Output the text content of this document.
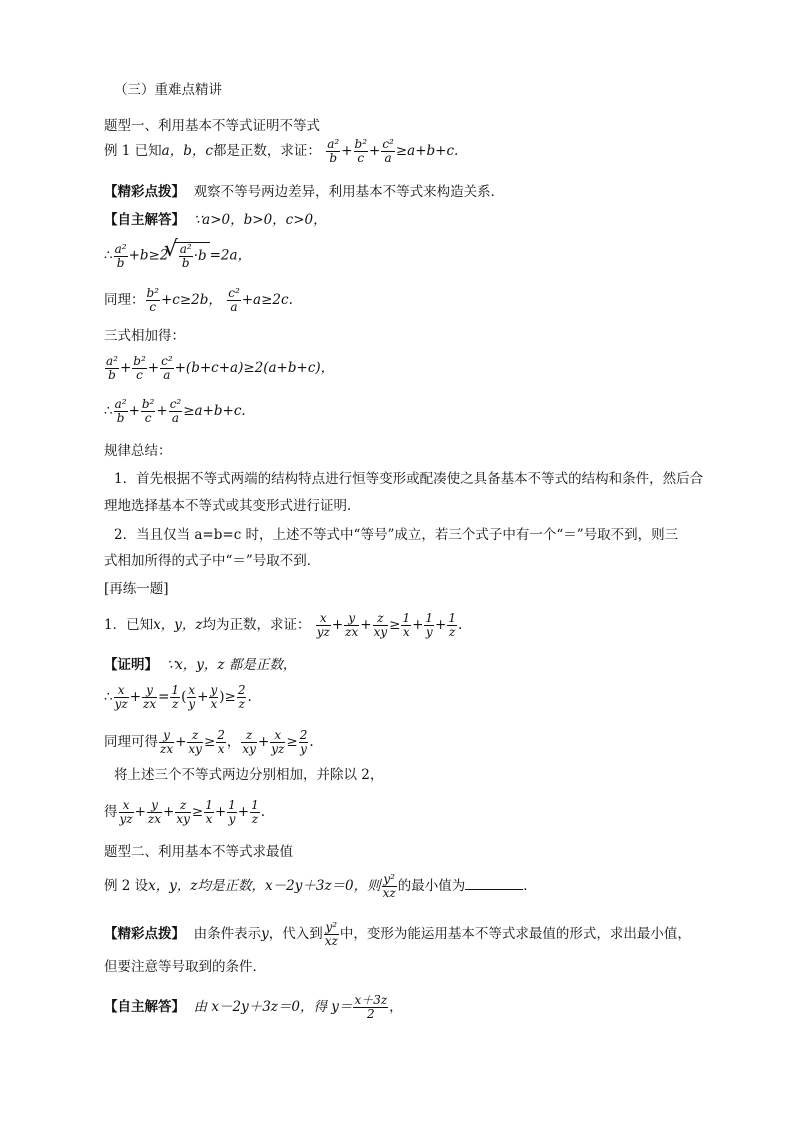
（三）重难点精讲
题型一、利用基本不等式证明不等式
例 1 已知a，b，c都是正数，求证： $\frac{\text{a²}}{b} + \frac{\text{b²}}{c} + \frac{\text{c²}}{a} \ge a+b+c$.
【精彩点拨】 观察不等号两边差异，利用基本不等式来构造关系．
【自主解答】 ∵a>0，b>0，c>0，
∴ $\frac{\text{a²}}{b} +b\ge 2$
√ $\frac{\text{a²}}{b} \cdot b =2a$，
同理： $\frac{\text{b²}}{c} +c\ge 2b$， $\frac{\text{c²}}{a} +a\ge 2c$.
三式相加得：
$\frac{\text{a²}}{b} + \frac{\text{b²}}{c} + \frac{\text{c²}}{a} +(b+c+a)\ge 2(a+b+c)$，
∴ $\frac{\text{a²}}{b} + \frac{\text{b²}}{c} + \frac{\text{c²}}{a} \ge a+b+c$.
规律总结：
1．首先根据不等式两端的结构特点进行恒等变形或配凑使之具备基本不等式的结构和条件，然后合
理地选择基本不等式或其变形式进行证明．
2．当且仅当 a=b=c 时，上述不等式中“等号”成立，若三个式子中有一个“＝”号取不到，则三
式相加所得的式子中“＝”号取不到．
[再练一题]
1．已知x，y，z均为正数，求证： $\frac{x}{yz} + \frac{y}{zx} + \frac{z}{xy} \ge \frac{1}{x} + \frac{1}{y} + \frac{1}{z}$ .
【证明】 ∵x，y，z 都是正数，
∴ $\frac{x}{yz} + \frac{y}{zx} = \frac{1}{z}$ ( $\frac{x}{y} + \frac{y}{x}$ )≥ $\frac{2}{z}$ .
同理可得 $\frac{y}{zx} + \frac{z}{xy} \ge \frac{2}{x}$ ， $\frac{z}{xy} + \frac{x}{yz} \ge \frac{2}{y}$ .
将上述三个不等式两边分别相加，并除以 2，
得 $\frac{x}{yz} + \frac{y}{zx} + \frac{z}{xy} \ge \frac{1}{x} + \frac{1}{y} + \frac{1}{z}$ .
题型二、利用基本不等式求最值
例 2 设x，y，z均是正数，x－2y＋3z＝0，则 $\frac{\text{y²}}{xz}$ 的最小值为	．
【精彩点拨】 由条件表示y，代入到 $\frac{\text{y²}}{xz}$ 中，变形为能运用基本不等式求最值的形式，求出最小值，
但要注意等号取到的条件．
【自主解答】 由 x－2y＋3z＝0，得 $y= \frac{x+3z}{2}$ ，
